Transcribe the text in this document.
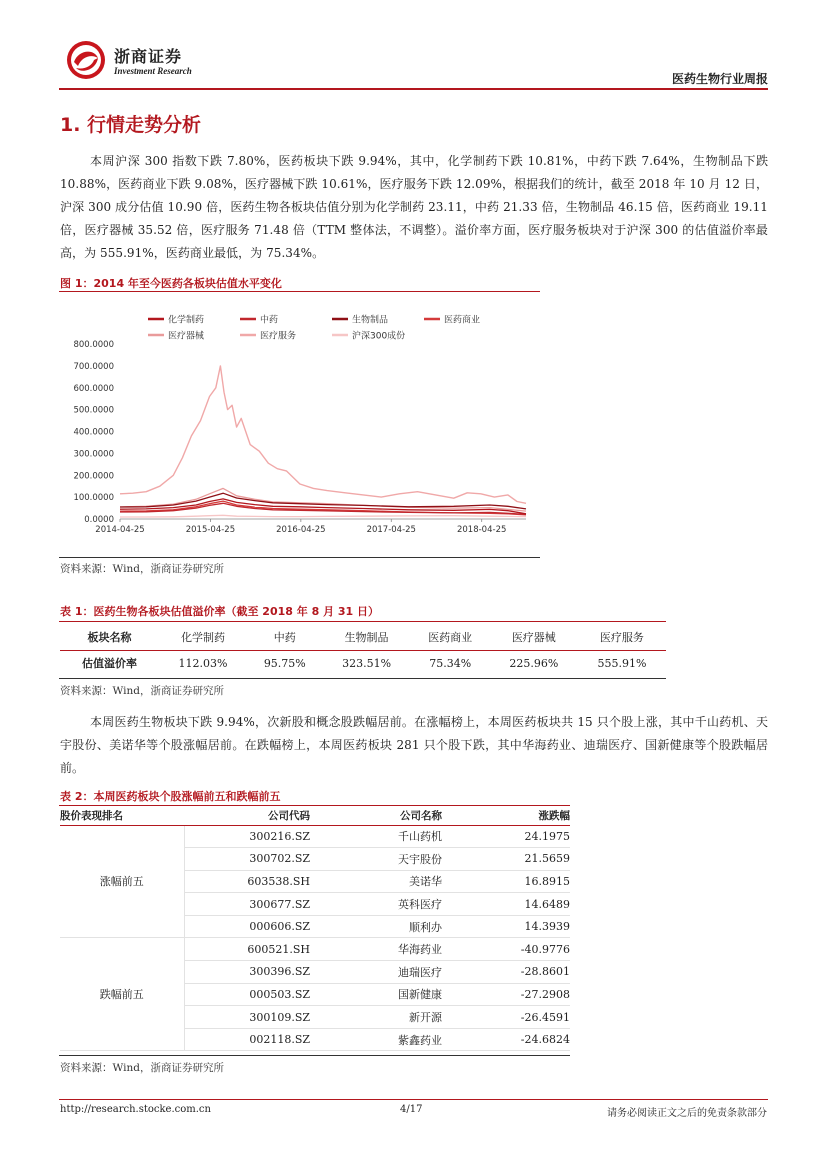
浙商证券
Investment Research
医药生物行业周报
1. 行情走势分析

本周沪深 300 指数下跌 7.80%，医药板块下跌 9.94%，其中，化学制药下跌 10.81%，中药下跌 7.64%，生物制品下跌 10.88%，医药商业下跌 9.08%，医疗器械下跌 10.61%，医疗服务下跌 12.09%，根据我们的统计，截至 2018 年 10 月 12 日，沪深 300 成分估值 10.90 倍，医药生物各板块估值分别为化学制药 23.11，中药 21.33 倍，生物制品 46.15 倍，医药商业 19.11 倍，医疗器械 35.52 倍，医疗服务 71.48 倍（TTM 整体法，不调整）。溢价率方面，医疗服务板块对于沪深 300 的估值溢价率最高，为 555.91%，医药商业最低，为 75.34%。

图 1：2014 年至今医药各板块估值水平变化
化学制药	中药	生物制品	医药商业
医疗器械	医疗服务	沪深300成份
0.0000
100.0000
200.0000
300.0000
400.0000
500.0000
600.0000
700.0000
800.0000
2014-04-25	2015-04-25	2016-04-25	2017-04-25	2018-04-25
资料来源：Wind，浙商证券研究所
表 1：医药生物各板块估值溢价率（截至 2018 年 8 月 31 日）
板块名称	化学制药	中药	生物制品	医药商业	医疗器械	医疗服务
估值溢价率	112.03%	95.75%	323.51%	75.34%	225.96%	555.91%
资料来源：Wind，浙商证券研究所

本周医药生物板块下跌 9.94%，次新股和概念股跌幅居前。在涨幅榜上，本周医药板块共 15 只个股上涨，其中千山药机、天宇股份、美诺华等个股涨幅居前。在跌幅榜上，本周医药板块 281 只个股下跌，其中华海药业、迪瑞医疗、国新健康等个股跌幅居前。

表 2：本周医药板块个股涨幅前五和跌幅前五
股价表现排名	公司代码	公司名称	涨跌幅
涨幅前五	300216.SZ	千山药机	24.1975
	300702.SZ	天宇股份	21.5659
	603538.SH	美诺华	16.8915
	300677.SZ	英科医疗	14.6489
	000606.SZ	顺利办	14.3939
跌幅前五	600521.SH	华海药业	-40.9776
	300396.SZ	迪瑞医疗	-28.8601
	000503.SZ	国新健康	-27.2908
	300109.SZ	新开源	-26.4591
	002118.SZ	紫鑫药业	-24.6824
资料来源：Wind，浙商证券研究所
http://research.stocke.com.cn	4/17	请务必阅读正文之后的免责条款部分
